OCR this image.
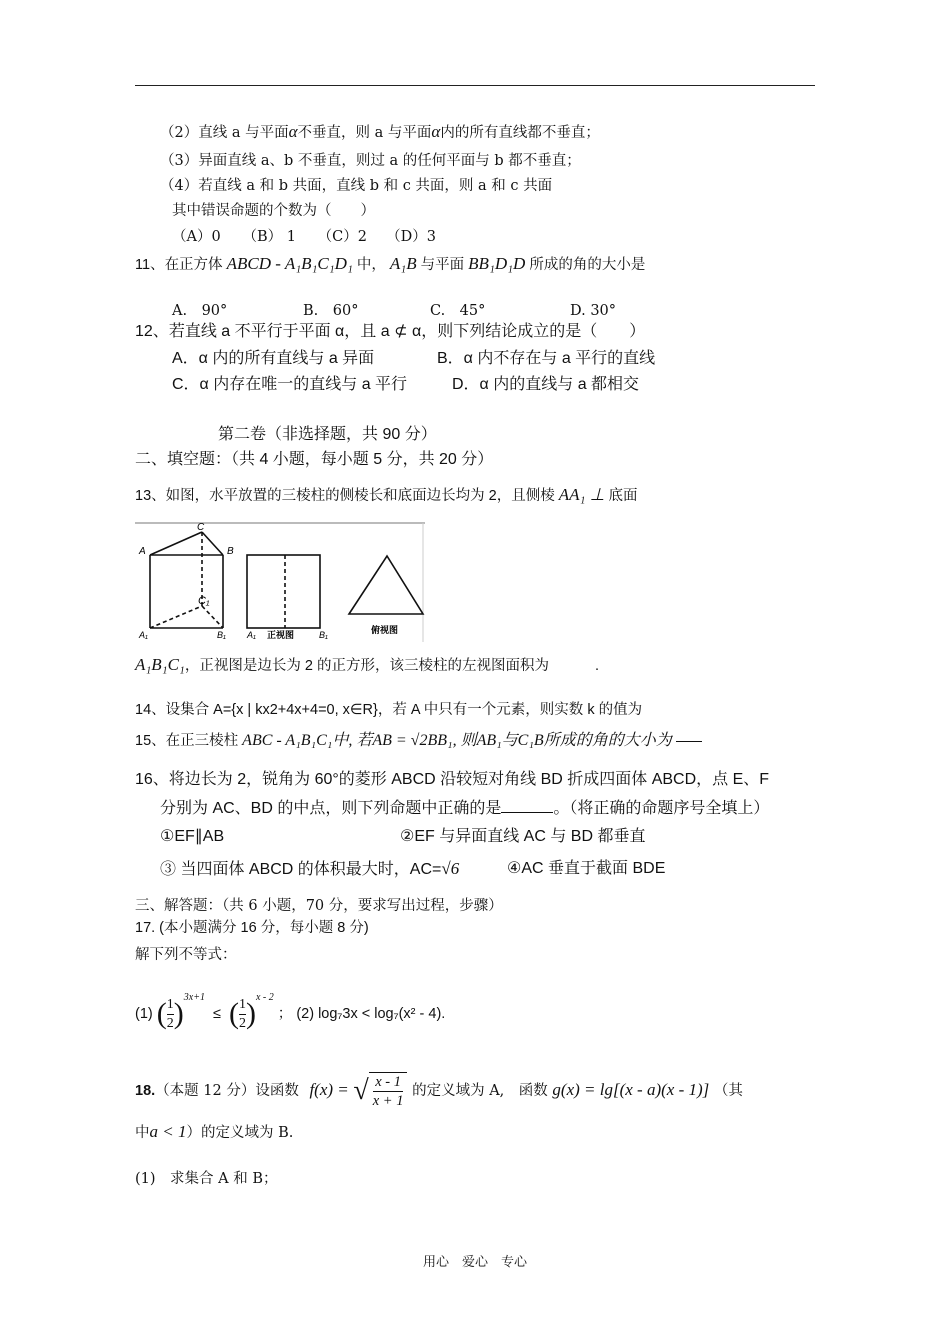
（2）直线 a 与平面α不垂直，则 a 与平面α内的所有直线都不垂直；
（3）异面直线 a、b 不垂直，则过 a 的任何平面与 b 都不垂直；
（4）若直线 a 和 b 共面，直线 b 和 c 共面，则 a 和 c 共面
其中错误命题的个数为（　　）
（A）0　　（B） 1　　（C）2　 （D）3
11、在正方体 ABCD - A₁B₁C₁D₁ 中， A₁B 与平面 BB₁D₁D 所成的角的大小是
A.　90°	B.　60°	C.　45°	D. 30°
12、若直线 a 不平行于平面 α，且 a ⊄ α，则下列结论成立的是（　　）
A．α 内的所有直线与 a 异面	B．α 内不存在与 a 平行的直线
C．α 内存在唯一的直线与 a 平行	D．α 内的直线与 a 都相交
第二卷（非选择题，共 90 分）
二、填空题：（共 4 小题，每小题 5 分，共 20 分）
13、如图，水平放置的三棱柱的侧棱长和底面边长均为 2，且侧棱 AA₁ ⊥ 底面
C
A	B
C₁
A₁	B₁ A₁ 正视图	B₁	俯视图
A₁B₁C₁，正视图是边长为 2 的正方形，该三棱柱的左视图面积为	.
14、设集合 A={x | kx2+4x+4=0, x∈R}，若 A 中只有一个元素，则实数 k 的值为
15、在正三棱柱 ABC - A₁B₁C₁中, 若AB = √2BB₁, 则AB₁与C₁B所成的角的大小为
16、将边长为 2，锐角为 60°的菱形 ABCD 沿较短对角线 BD 折成四面体 ABCD，点 E、F
分别为 AC、BD 的中点，则下列命题中正确的是	。（将正确的命题序号全填上）
①EF∥AB	②EF 与异面直线 AC 与 BD 都垂直
③ 当四面体 ABCD 的体积最大时，AC=√6	④AC 垂直于截面 BDE
三、解答题：（共 6 小题，70 分，要求写出过程，步骤）
17. (本小题满分 16 分，每小题 8 分)
解下列不等式：
(1) ( $\frac{1}{2} )^{3x+1}$ ≤ ( $\frac{1}{2} )^{x - 2}$ ； (2) log₇3x < log₇(x² - 4).
18.（本题 12 分）设函数 f(x) = √ $\frac{x - 1}{x + 1}$ 的定义域为 A,　函数 g(x) = lg[(x - a)(x - 1)] （其
中a < 1）的定义域为 B.
(1)　求集合 A 和 B；
用心　爱心　专心
